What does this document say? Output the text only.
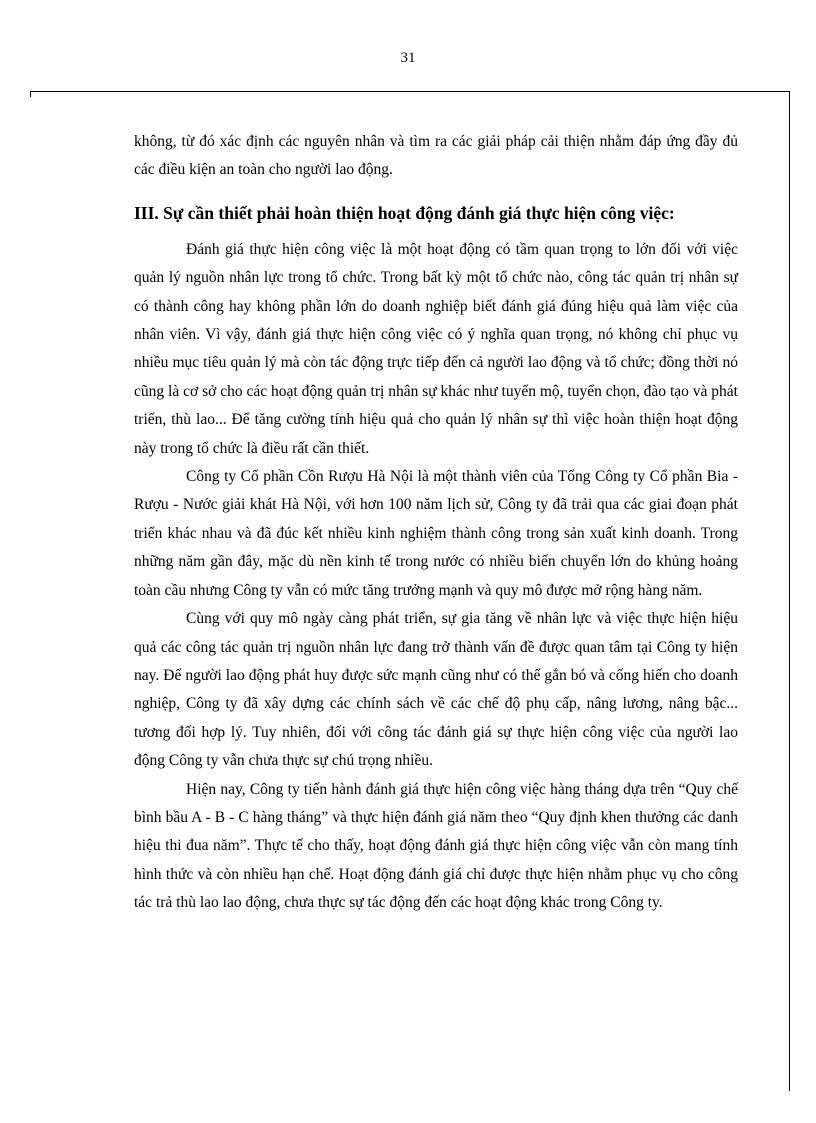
31

không, từ đó xác định các nguyên nhân và tìm ra các giải pháp cải thiện nhằm đáp ứng đầy đủ các điều kiện an toàn cho người lao động.

III. Sự cần thiết phải hoàn thiện hoạt động đánh giá thực hiện công việc:

Đánh giá thực hiện công việc là một hoạt động có tầm quan trọng to lớn đối với việc quản lý nguồn nhân lực trong tổ chức. Trong bất kỳ một tổ chức nào, công tác quản trị nhân sự có thành công hay không phần lớn do doanh nghiệp biết đánh giá đúng hiệu quả làm việc của nhân viên. Vì vậy, đánh giá thực hiện công việc có ý nghĩa quan trọng, nó không chỉ phục vụ nhiều mục tiêu quản lý mà còn tác động trực tiếp đến cả người lao động và tổ chức; đồng thời nó cũng là cơ sở cho các hoạt động quản trị nhân sự khác như tuyển mộ, tuyển chọn, đào tạo và phát triển, thù lao... Để tăng cường tính hiệu quả cho quản lý nhân sự thì việc hoàn thiện hoạt động này trong tổ chức là điều rất cần thiết.

Công ty Cổ phần Cồn Rượu Hà Nội là một thành viên của Tổng Công ty Cổ phần Bia - Rượu - Nước giải khát Hà Nội, với hơn 100 năm lịch sử, Công ty đã trải qua các giai đoạn phát triển khác nhau và đã đúc kết nhiều kinh nghiệm thành công trong sản xuất kinh doanh. Trong những năm gần đây, mặc dù nền kinh tế trong nước có nhiều biến chuyển lớn do khủng hoảng toàn cầu nhưng Công ty vẫn có mức tăng trưởng mạnh và quy mô được mở rộng hàng năm.

Cùng với quy mô ngày càng phát triển, sự gia tăng về nhân lực và việc thực hiện hiệu quả các công tác quản trị nguồn nhân lực đang trở thành vấn đề được quan tâm tại Công ty hiện nay. Để người lao động phát huy được sức mạnh cũng như có thể gắn bó và cống hiến cho doanh nghiệp, Công ty đã xây dựng các chính sách về các chế độ phụ cấp, nâng lương, nâng bậc... tương đối hợp lý. Tuy nhiên, đối với công tác đánh giá sự thực hiện công việc của người lao động Công ty vẫn chưa thực sự chú trọng nhiều.

Hiện nay, Công ty tiến hành đánh giá thực hiện công việc hàng tháng dựa trên “Quy chế bình bầu A - B - C hàng tháng” và thực hiện đánh giá năm theo “Quy định khen thưởng các danh hiệu thi đua năm”. Thực tế cho thấy, hoạt động đánh giá thực hiện công việc vẫn còn mang tính hình thức và còn nhiều hạn chế. Hoạt động đánh giá chỉ được thực hiện nhằm phục vụ cho công tác trả thù lao lao động, chưa thực sự tác động đến các hoạt động khác trong Công ty.
